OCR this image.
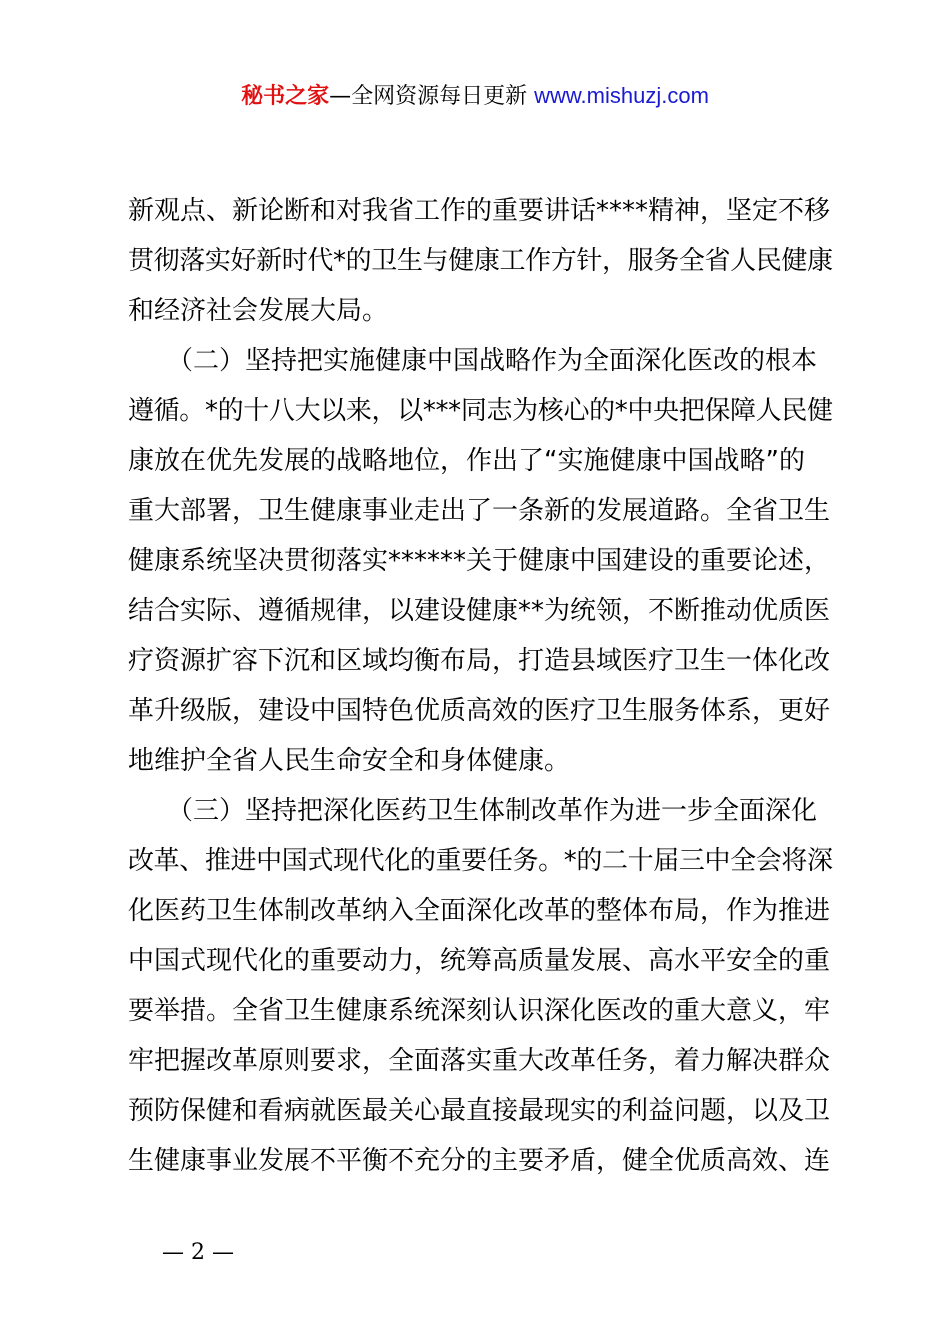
秘书之家—全网资源每日更新 www.mishuzj.com
新观点、新论断和对我省工作的重要讲话****精神，坚定不移
贯彻落实好新时代*的卫生与健康工作方针，服务全省人民健康
和经济社会发展大局。
　　（二）坚持把实施健康中国战略作为全面深化医改的根本
遵循。*的十八大以来，以***同志为核心的*中央把保障人民健
康放在优先发展的战略地位，作出了“实施健康中国战略”的
重大部署，卫生健康事业走出了一条新的发展道路。全省卫生
健康系统坚决贯彻落实******关于健康中国建设的重要论述，
结合实际、遵循规律，以建设健康**为统领，不断推动优质医
疗资源扩容下沉和区域均衡布局，打造县域医疗卫生一体化改
革升级版，建设中国特色优质高效的医疗卫生服务体系，更好
地维护全省人民生命安全和身体健康。
　　（三）坚持把深化医药卫生体制改革作为进一步全面深化
改革、推进中国式现代化的重要任务。*的二十届三中全会将深
化医药卫生体制改革纳入全面深化改革的整体布局，作为推进
中国式现代化的重要动力，统筹高质量发展、高水平安全的重
要举措。全省卫生健康系统深刻认识深化医改的重大意义，牢
牢把握改革原则要求，全面落实重大改革任务，着力解决群众
预防保健和看病就医最关心最直接最现实的利益问题，以及卫
生健康事业发展不平衡不充分的主要矛盾，健全优质高效、连
— 2 —
